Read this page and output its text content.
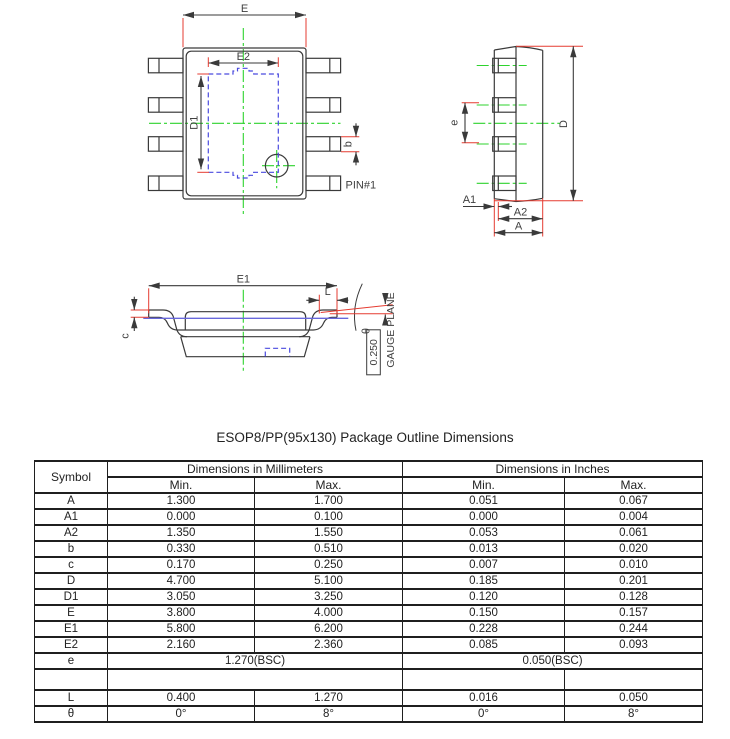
E
E2
D1
b
PIN#1
D
e
A1
A2
A
E1
L
c
θ GAUGE PLANE
0.250
ESOP8/PP(95x130) Package Outline Dimensions
Symbol	Dimensions in Millimeters		Dimensions in Inches	
	Min.	Max.	Min.	Max.
A	1.300	1.700	0.051	0.067
A1	0.000	0.100	0.000	0.004
A2	1.350	1.550	0.053	0.061
b	0.330	0.510	0.013	0.020
c	0.170	0.250	0.007	0.010
D	4.700	5.100	0.185	0.201
D1	3.050	3.250	0.120	0.128
E	3.800	4.000	0.150	0.157
E1	5.800	6.200	0.228	0.244
E2	2.160	2.360	0.085	0.093
e	1.270(BSC)		0.050(BSC)	

L	0.400	1.270	0.016	0.050
θ	0°	8°	0°	8°
